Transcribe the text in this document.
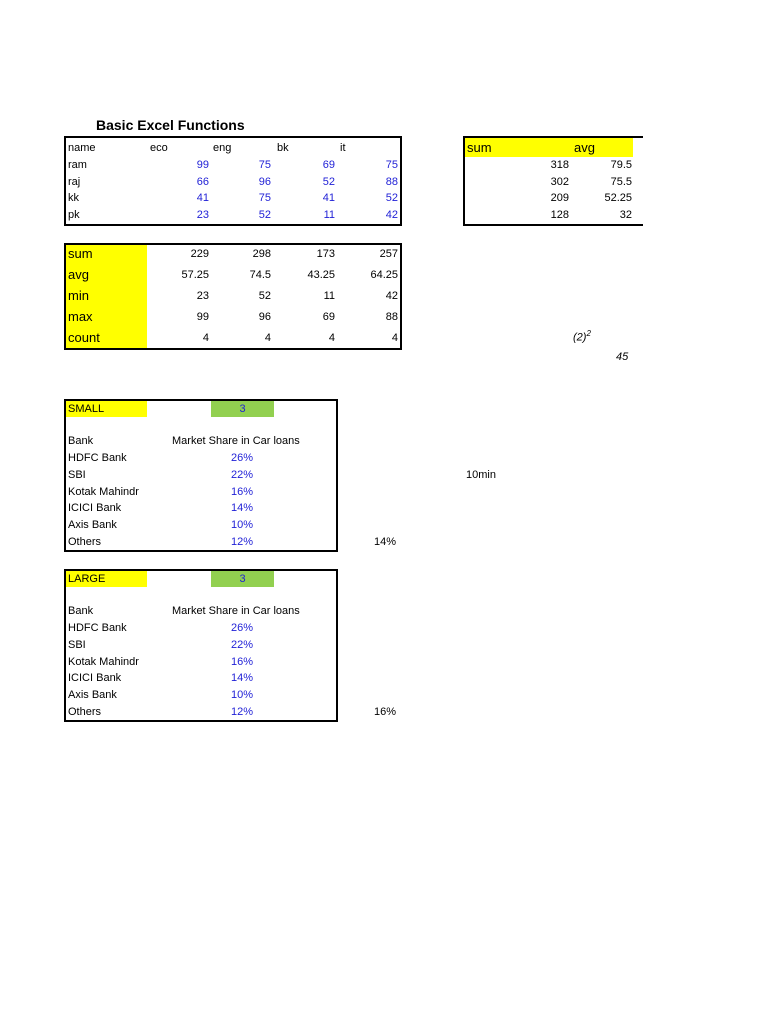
Basic Excel Functions
name	eco	eng	bk	it
ram	99	75	69	75
raj	66	96	52	88
kk	41	75	41	52
pk	23	52	11	42
sum	avg
318	79.5
302	75.5
209	52.25
128	32
sum	229	298	173	257
avg	57.25	74.5	43.25	64.25
min	23	52	11	42
max	99	96	69	88
count	4	4	4	4	$(2)^2$
45
10min
SMALL	3
Bank	Market Share in Car loans
HDFC Bank	26%
SBI	22%
Kotak Mahindr	16%
ICICI Bank	14%
Axis Bank	10%
Others	12%	14%
LARGE	3
Bank	Market Share in Car loans
HDFC Bank	26%
SBI	22%
Kotak Mahindr	16%
ICICI Bank	14%
Axis Bank	10%
Others	12%	16%
